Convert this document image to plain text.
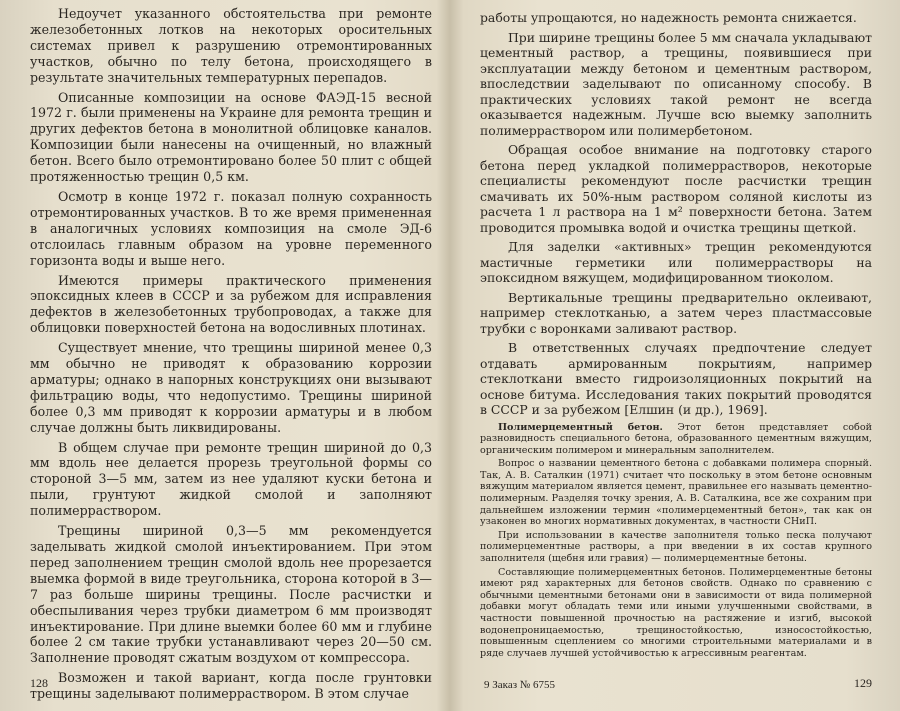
Недоучет указанного обстоятельства при ремонте железобетонных лотков на некоторых оросительных системах привел к разрушению отремонтированных участков, обычно по телу бетона, происходящего в результате значительных температурных перепадов.

Описанные композиции на основе ФАЭД-15 весной 1972 г. были применены на Украине для ремонта трещин и других дефектов бетона в монолитной облицовке каналов. Композиции были нанесены на очищенный, но влажный бетон. Всего было отремонтировано более 50 плит с общей протяженностью трещин 0,5 км.

Осмотр в конце 1972 г. показал полную сохранность отремонтированных участков. В то же время примененная в аналогичных условиях композиция на смоле ЭД-6 отслоилась главным образом на уровне переменного горизонта воды и выше него.

Имеются примеры практического применения эпоксидных клеев в СССР и за рубежом для исправления дефектов в железобетонных трубопроводах, а также для облицовки поверхностей бетона на водосливных плотинах.

Существует мнение, что трещины шириной менее 0,3 мм обычно не приводят к образованию коррозии арматуры; однако в напорных конструкциях они вызывают фильтрацию воды, что недопустимо. Трещины шириной более 0,3 мм приводят к коррозии арматуры и в любом случае должны быть ликвидированы.

В общем случае при ремонте трещин шириной до 0,3 мм вдоль нее делается прорезь треугольной формы со стороной 3—5 мм, затем из нее удаляют куски бетона и пыли, грунтуют жидкой смолой и заполняют полимерраствором.

Трещины шириной 0,3—5 мм рекомендуется заделывать жидкой смолой инъектированием. При этом перед заполнением трещин смолой вдоль нее прорезается выемка формой в виде треугольника, сторона которой в 3—7 раз больше ширины трещины. После расчистки и обеспыливания через трубки диаметром 6 мм производят инъектирование. При длине выемки более 60 мм и глубине более 2 см такие трубки устанавливают через 20—50 см. Заполнение проводят сжатым воздухом от компрессора.

Возможен и такой вариант, когда после грунтовки трещины заделывают полимерраствором. В этом случае

128

работы упрощаются, но надежность ремонта снижается.

При ширине трещины более 5 мм сначала укладывают цементный раствор, а трещины, появившиеся при эксплуатации между бетоном и цементным раствором, впоследствии заделывают по описанному способу. В практических условиях такой ремонт не всегда оказывается надежным. Лучше всю выемку заполнить полимерраствором или полимербетоном.

Обращая особое внимание на подготовку старого бетона перед укладкой полимеррастворов, некоторые специалисты рекомендуют после расчистки трещин смачивать их 50%-ным раствором соляной кислоты из расчета 1 л раствора на 1 м² поверхности бетона. Затем проводится промывка водой и очистка трещины щеткой.

Для заделки «активных» трещин рекомендуются мастичные герметики или полимеррастворы на эпоксидном вяжущем, модифицированном тиоколом.

Вертикальные трещины предварительно оклеивают, например стеклотканью, а затем через пластмассовые трубки с воронками заливают раствор.

В ответственных случаях предпочтение следует отдавать армированным покрытиям, например стеклоткани вместо гидроизоляционных покрытий на основе битума. Исследования таких покрытий проводятся в СССР и за рубежом [Елшин (и др.), 1969].

Полимерцементный бетон. Этот бетон представляет собой разновидность специального бетона, образованного цементным вяжущим, органическим полимером и минеральным заполнителем.

Вопрос о названии цементного бетона с добавками полимера спорный. Так, А. В. Саталкин (1971) считает что поскольку в этом бетоне основным вяжущим материалом является цемент, правильнее его называть цементно-полимерным. Разделяя точку зрения, А. В. Саталкина, все же сохраним при дальнейшем изложении термин «полимерцементный бетон», так как он узаконен во многих нормативных документах, в частности СНиП.

При использовании в качестве заполнителя только песка получают полимерцементные растворы, а при введении в их состав крупного заполнителя (щебня или гравия) — полимерцементные бетоны.

Составляющие полимерцементных бетонов. Полимерцементные бетоны имеют ряд характерных для бетонов свойств. Однако по сравнению с обычными цементными бетонами они в зависимости от вида полимерной добавки могут обладать теми или иными улучшенными свойствами, в частности повышенной прочностью на растяжение и изгиб, высокой водонепроницаемостью, трещиностойкостью, износостойкостью, повышенным сцеплением со многими строительными материалами и в ряде случаев лучшей устойчивостью к агрессивным реагентам.

9 Заказ № 6755	129
